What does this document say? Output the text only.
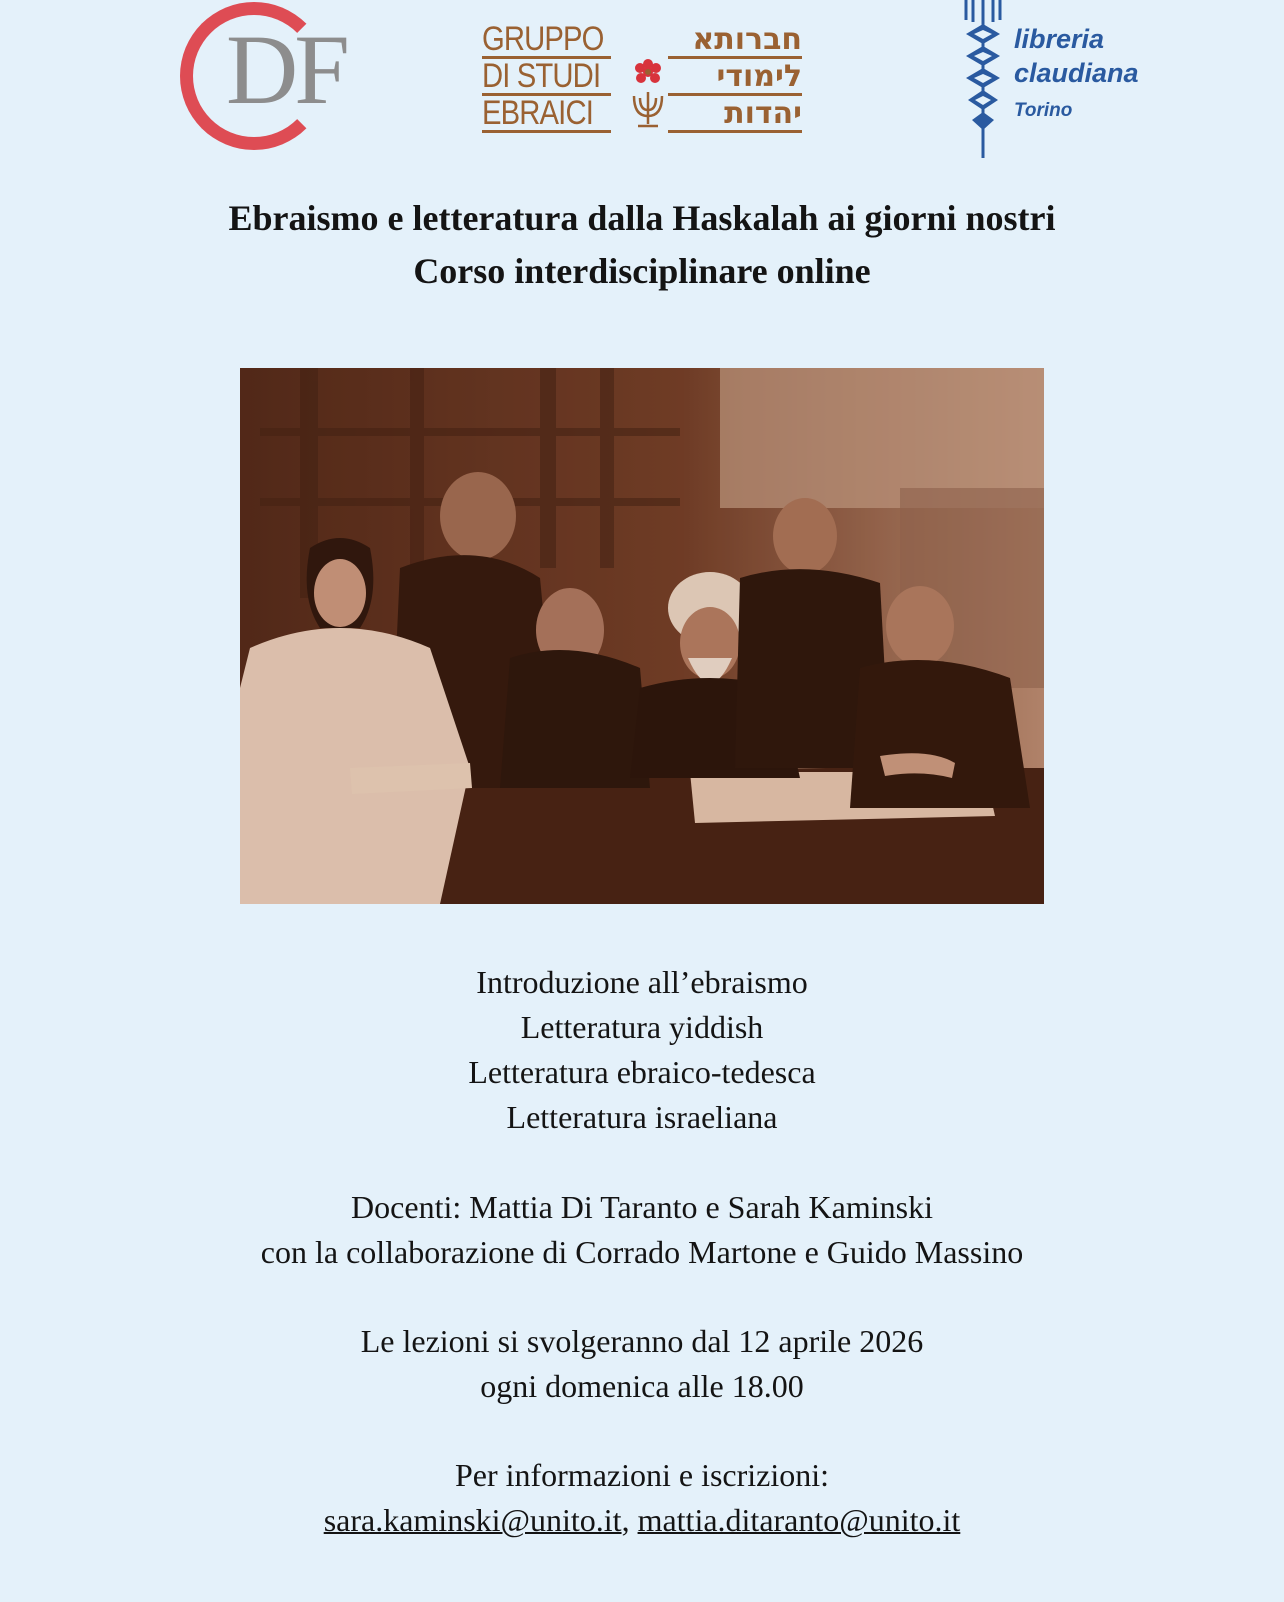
DF	GRUPPO
DI STUDI
EBRAICI
חברותא
לימודי
יהדות
libreria
claudiana
Torino
Ebraismo e letteratura dalla Haskalah ai giorni nostri
Corso interdisciplinare online
Introduzione all’ebraismo
Letteratura yiddish
Letteratura ebraico-tedesca
Letteratura israeliana
Docenti: Mattia Di Taranto e Sarah Kaminski
con la collaborazione di Corrado Martone e Guido Massino
Le lezioni si svolgeranno dal 12 aprile 2026
ogni domenica alle 18.00
Per informazioni e iscrizioni:
sara.kaminski@unito.it, mattia.ditaranto@unito.it
